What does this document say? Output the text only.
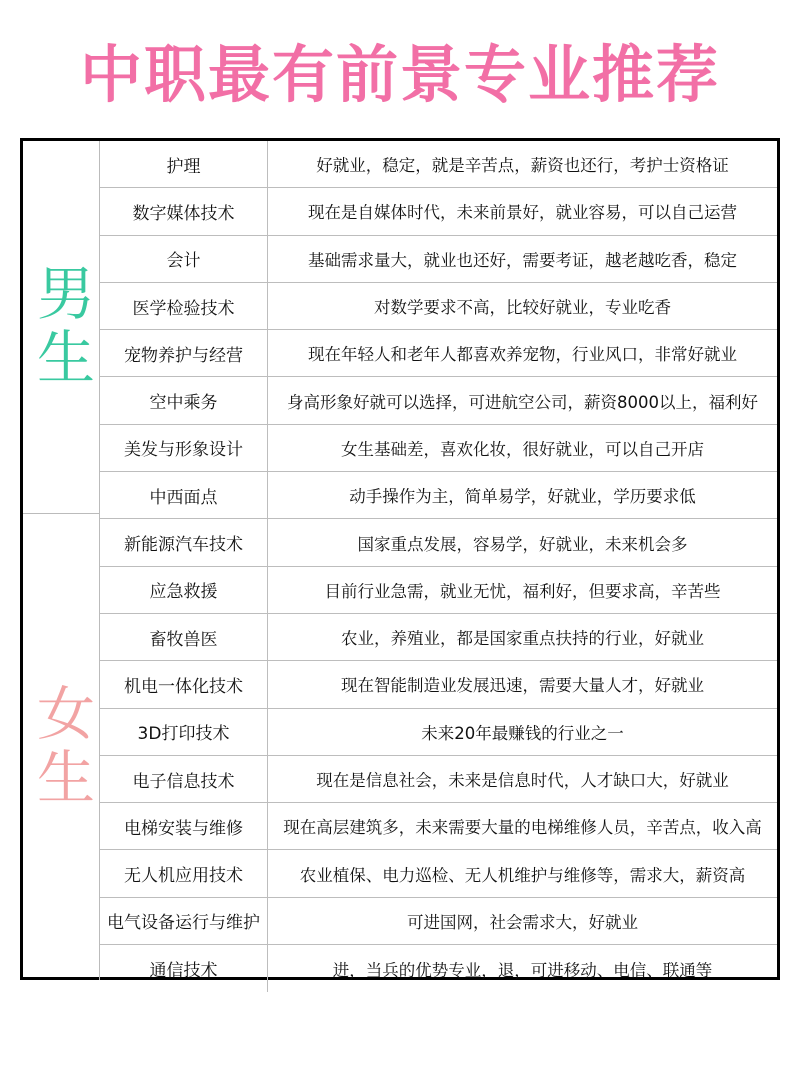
中职最有前景专业推荐
男生
女生
护理	好就业，稳定，就是辛苦点，薪资也还行，考护士资格证
数字媒体技术	现在是自媒体时代，未来前景好，就业容易，可以自己运营
会计	基础需求量大，就业也还好，需要考证，越老越吃香，稳定
医学检验技术	对数学要求不高，比较好就业，专业吃香
宠物养护与经营	现在年轻人和老年人都喜欢养宠物，行业风口，非常好就业
空中乘务	身高形象好就可以选择，可进航空公司，薪资8000以上，福利好
美发与形象设计	女生基础差，喜欢化妆，很好就业，可以自己开店
中西面点	动手操作为主，简单易学，好就业，学历要求低
新能源汽车技术	国家重点发展，容易学，好就业，未来机会多
应急救援	目前行业急需，就业无忧，福利好，但要求高，辛苦些
畜牧兽医	农业，养殖业，都是国家重点扶持的行业，好就业
机电一体化技术	现在智能制造业发展迅速，需要大量人才，好就业
3D打印技术	未来20年最赚钱的行业之一
电子信息技术	现在是信息社会，未来是信息时代，人才缺口大，好就业
电梯安装与维修	现在高层建筑多，未来需要大量的电梯维修人员，辛苦点，收入高
无人机应用技术	农业植保、电力巡检、无人机维护与维修等，需求大，薪资高
电气设备运行与维护	可进国网，社会需求大，好就业
通信技术	进，当兵的优势专业，退，可进移动、电信、联通等
